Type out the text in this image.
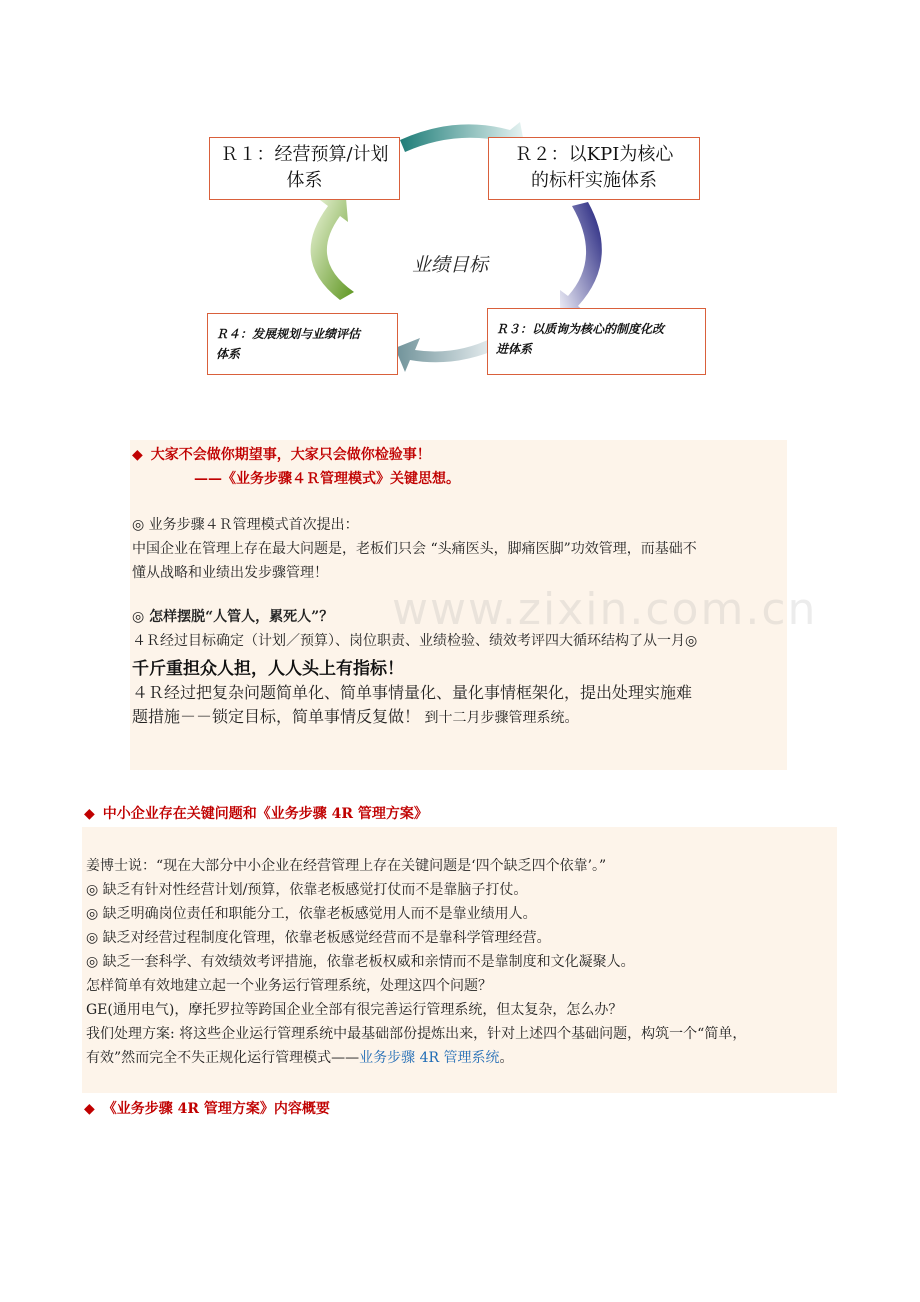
Ｒ１：经营预算/计划
体系
Ｒ２：以KPI为核心
的标杆实施体系
Ｒ３：以质询为核心的制度化改
进体系
Ｒ４：发展规划与业绩评估
体系
业绩目标
◆ 大家不会做你期望事，大家只会做你检验事！
——《业务步骤４Ｒ管理模式》关键思想。
◎ 业务步骤４Ｒ管理模式首次提出：
中国企业在管理上存在最大问题是，老板们只会 “头痛医头，脚痛医脚”功效管理，而基础不
懂从战略和业绩出发步骤管理！
◎ 怎样摆脱“人管人，累死人”？
４Ｒ经过目标确定（计划／预算）、岗位职责、业绩检验、绩效考评四大循环结构了从一月◎
千斤重担众人担，人人头上有指标！
４Ｒ经过把复杂问题简单化、简单事情量化、量化事情框架化，提出处理实施难
题措施－－锁定目标，简单事情反复做！ 到十二月步骤管理系统。
www.zixin.com.cn
◆ 中小企业存在关键问题和《业务步骤 4R 管理方案》
姜博士说：“现在大部分中小企业在经营管理上存在关键问题是‘四个缺乏四个依靠’。”
◎ 缺乏有针对性经营计划/预算，依靠老板感觉打仗而不是靠脑子打仗。
◎ 缺乏明确岗位责任和职能分工，依靠老板感觉用人而不是靠业绩用人。
◎ 缺乏对经营过程制度化管理，依靠老板感觉经营而不是靠科学管理经营。
◎ 缺乏一套科学、有效绩效考评措施，依靠老板权威和亲情而不是靠制度和文化凝聚人。
怎样简单有效地建立起一个业务运行管理系统，处理这四个问题？
GE(通用电气)，摩托罗拉等跨国企业全部有很完善运行管理系统，但太复杂，怎么办？
我们处理方案: 将这些企业运行管理系统中最基础部份提炼出来，针对上述四个基础问题，构筑一个“简单，
有效”然而完全不失正规化运行管理模式——业务步骤 4R 管理系统。
◆ 《业务步骤 4R 管理方案》内容概要
